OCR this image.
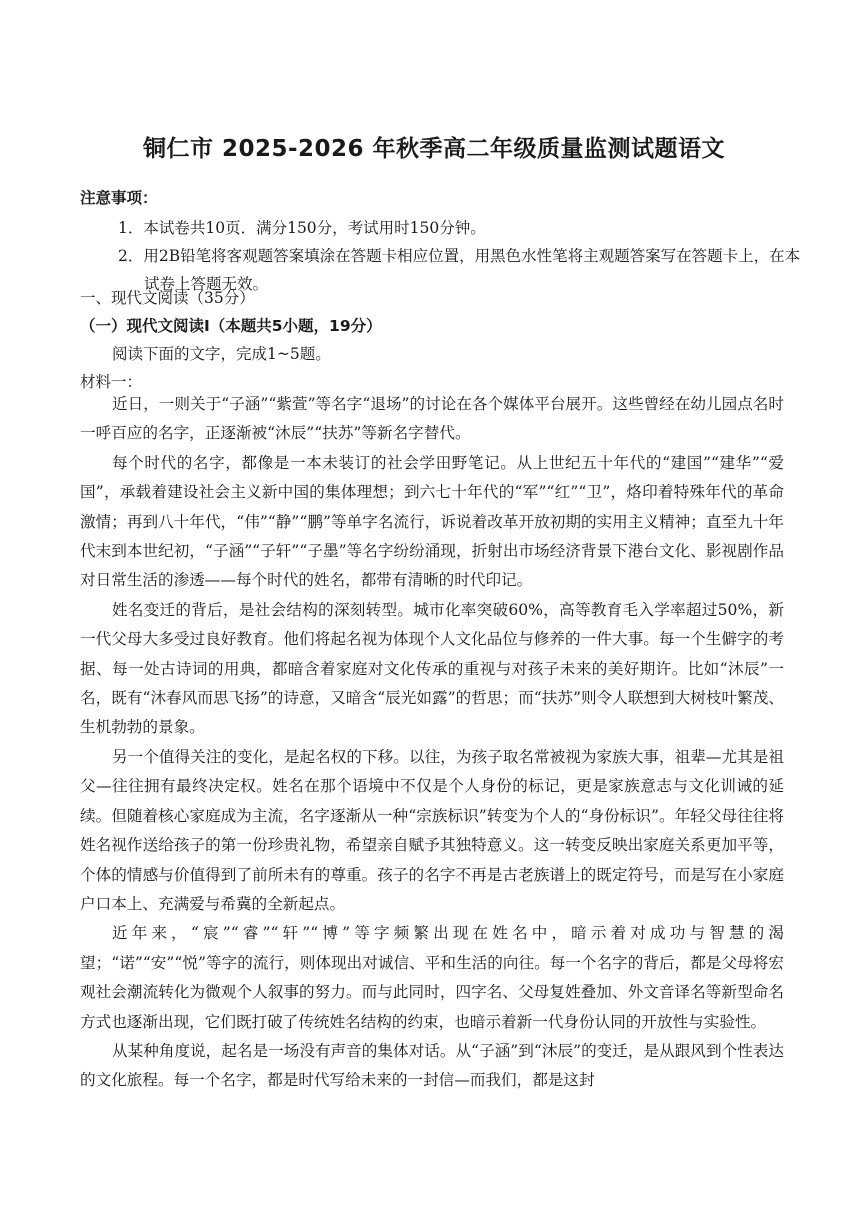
铜仁市 2025-2026 年秋季高二年级质量监测试题语文
注意事项：
1．本试卷共10页．满分150分，考试用时150分钟。
2．用2B铅笔将客观题答案填涂在答题卡相应位置，用黑色水性笔将主观题答案写在答题卡上，在本试卷上答题无效。
一、现代文阅读（35分）
（一）现代文阅读Ⅰ（本题共5小题，19分）
阅读下面的文字，完成1~5题。
材料一：

近日，一则关于“子涵”“紫萱”等名字“退场”的讨论在各个媒体平台展开。这些曾经在幼儿园点名时一呼百应的名字，正逐渐被“沐辰”“扶苏”等新名字替代。

每个时代的名字，都像是一本未装订的社会学田野笔记。从上世纪五十年代的“建国”“建华”“爱国”，承载着建设社会主义新中国的集体理想；到六七十年代的“军”“红”“卫”，烙印着特殊年代的革命激情；再到八十年代，“伟”“静”“鹏”等单字名流行，诉说着改革开放初期的实用主义精神；直至九十年代末到本世纪初，“子涵”“子轩”“子墨”等名字纷纷涌现，折射出市场经济背景下港台文化、影视剧作品对日常生活的渗透——每个时代的姓名，都带有清晰的时代印记。

姓名变迁的背后，是社会结构的深刻转型。城市化率突破60%，高等教育毛入学率超过50%，新一代父母大多受过良好教育。他们将起名视为体现个人文化品位与修养的一件大事。每一个生僻字的考据、每一处古诗词的用典，都暗含着家庭对文化传承的重视与对孩子未来的美好期许。比如“沐辰”一名，既有“沐春风而思飞扬”的诗意，又暗含“辰光如露”的哲思；而“扶苏”则令人联想到大树枝叶繁茂、生机勃勃的景象。

另一个值得关注的变化，是起名权的下移。以往，为孩子取名常被视为家族大事，祖辈—尤其是祖父—往往拥有最终决定权。姓名在那个语境中不仅是个人身份的标记，更是家族意志与文化训诫的延续。但随着核心家庭成为主流，名字逐渐从一种“宗族标识”转变为个人的“身份标识”。年轻父母往往将姓名视作送给孩子的第一份珍贵礼物，希望亲自赋予其独特意义。这一转变反映出家庭关系更加平等，个体的情感与价值得到了前所未有的尊重。孩子的名字不再是古老族谱上的既定符号，而是写在小家庭户口本上、充满爱与希冀的全新起点。

近年来，“宸”“睿”“轩”“博”等字频繁出现在姓名中，暗示着对成功与智慧的渴望；“诺”“安”“悦”等字的流行，则体现出对诚信、平和生活的向往。每一个名字的背后，都是父母将宏观社会潮流转化为微观个人叙事的努力。而与此同时，四字名、父母复姓叠加、外文音译名等新型命名方式也逐渐出现，它们既打破了传统姓名结构的约束，也暗示着新一代身份认同的开放性与实验性。

从某种角度说，起名是一场没有声音的集体对话。从“子涵”到“沐辰”的变迁，是从跟风到个性表达的文化旅程。每一个名字，都是时代写给未来的一封信—而我们，都是这封
